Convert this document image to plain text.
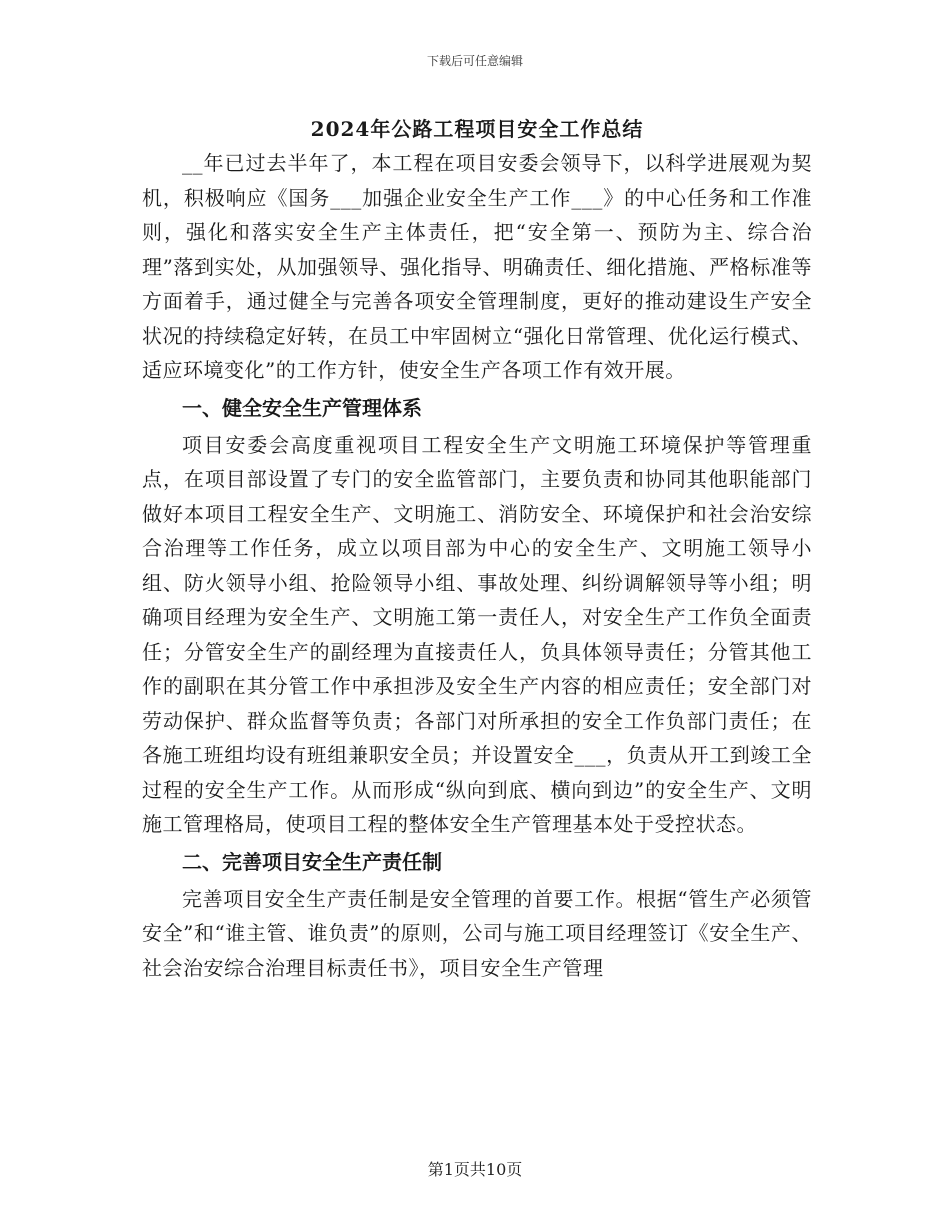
下载后可任意编辑
2024年公路工程项目安全工作总结

__年已过去半年了，本工程在项目安委会领导下，以科学进展观为契机，积极响应《国务___加强企业安全生产工作___》的中心任务和工作准则，强化和落实安全生产主体责任，把“安全第一、预防为主、综合治理”落到实处，从加强领导、强化指导、明确责任、细化措施、严格标准等方面着手，通过健全与完善各项安全管理制度，更好的推动建设生产安全状况的持续稳定好转，在员工中牢固树立“强化日常管理、优化运行模式、适应环境变化”的工作方针，使安全生产各项工作有效开展。

一、健全安全生产管理体系

项目安委会高度重视项目工程安全生产文明施工环境保护等管理重点，在项目部设置了专门的安全监管部门，主要负责和协同其他职能部门做好本项目工程安全生产、文明施工、消防安全、环境保护和社会治安综合治理等工作任务，成立以项目部为中心的安全生产、文明施工领导小组、防火领导小组、抢险领导小组、事故处理、纠纷调解领导等小组；明确项目经理为安全生产、文明施工第一责任人，对安全生产工作负全面责任；分管安全生产的副经理为直接责任人，负具体领导责任；分管其他工作的副职在其分管工作中承担涉及安全生产内容的相应责任；安全部门对劳动保护、群众监督等负责；各部门对所承担的安全工作负部门责任；在各施工班组均设有班组兼职安全员；并设置安全___，负责从开工到竣工全过程的安全生产工作。从而形成“纵向到底、横向到边”的安全生产、文明施工管理格局，使项目工程的整体安全生产管理基本处于受控状态。

二、完善项目安全生产责任制

完善项目安全生产责任制是安全管理的首要工作。根据“管生产必须管安全”和“谁主管、谁负责”的原则，公司与施工项目经理签订《安全生产、社会治安综合治理目标责任书》，项目安全生产管理

第1页共10页
